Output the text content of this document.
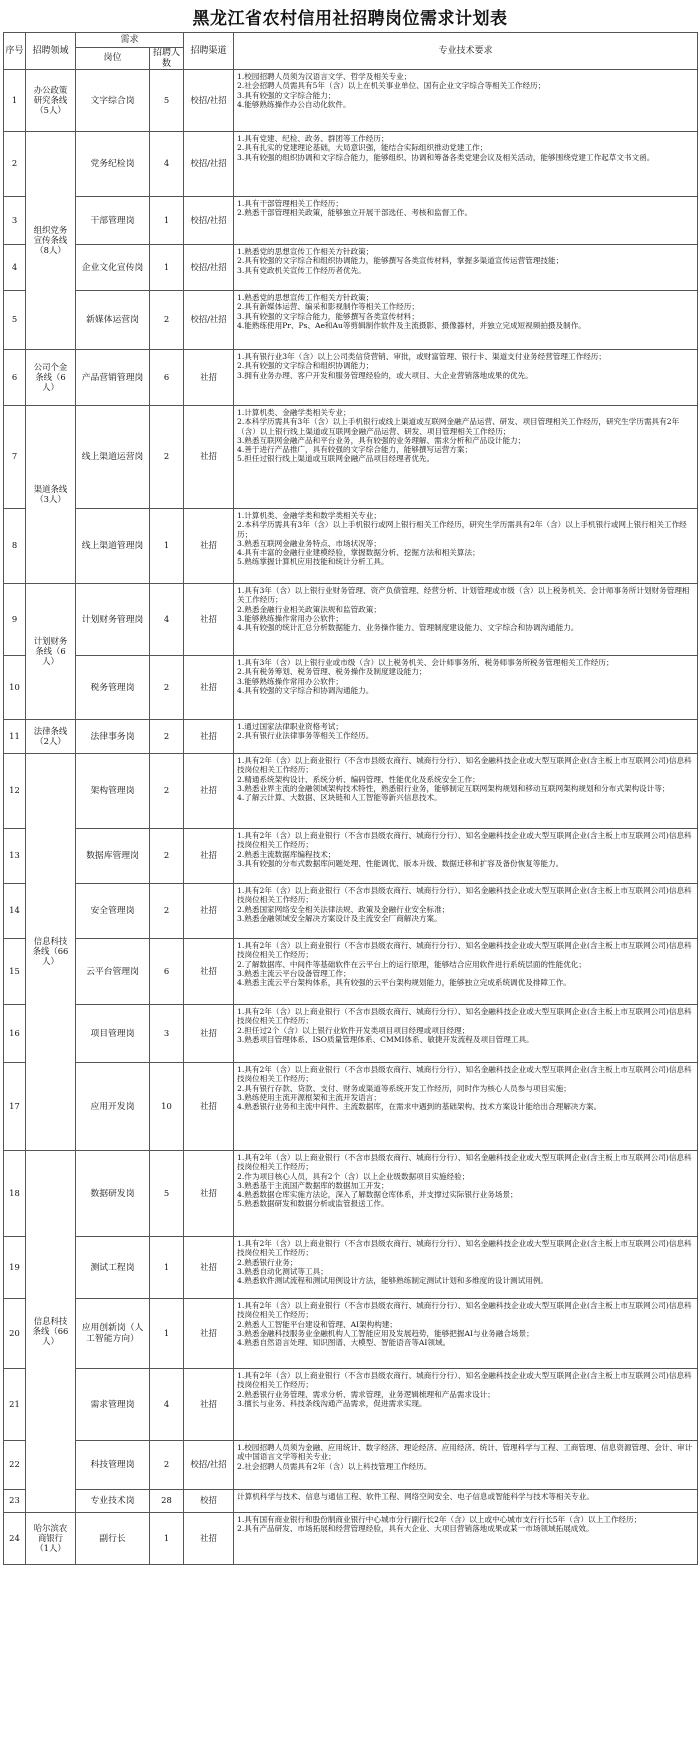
黑龙江省农村信用社招聘岗位需求计划表
序号	招聘领域	需求		招聘渠道	专业技术要求
		岗位	招聘人数		
1	办公政策研究条线（5人）	文字综合岗	5	校招/社招	1.校园招聘人员须为汉语言文学、哲学及相关专业；
2.社会招聘人员需具有5年（含）以上在机关事业单位、国有企业文字综合等相关工作经历；
3.具有较强的文字综合能力；
4.能够熟练操作办公自动化软件。

2	组织党务宣传条线（8人）	党务纪检岗	4	校招/社招	1.具有党建、纪检、政务、群团等工作经历；
2.具有扎实的党建理论基础，大局意识强，能结合实际组织推动党建工作；
3.具有较强的组织协调和文字综合能力，能够组织、协调和筹备各类党建会议及相关活动，能够围绕党建工作起草文书文函。

3		干部管理岗	1	校招/社招	1.具有干部管理相关工作经历；
2.熟悉干部管理相关政策，能够独立开展干部选任、考核和监督工作。

4		企业文化宣传岗	1	校招/社招	1.熟悉党的思想宣传工作相关方针政策；
2.具有较强的文字综合和组织协调能力，能够撰写各类宣传材料，掌握多渠道宣传运营管理技能；
3.具有党政机关宣传工作经历者优先。

5		新媒体运营岗	2	校招/社招	1.熟悉党的思想宣传工作相关方针政策；
2.具有新媒体运营、编采和影视制作等相关工作经历；
3.具有较强的文字综合能力，能够撰写各类宣传材料；
4.能熟练使用Pr、Ps、Ae和Au等剪辑制作软件及主流摄影、摄像器材，并独立完成短视频拍摄及制作。

6	公司个金条线（6人）	产品营销管理岗	6	社招	1.具有银行业3年（含）以上公司类信贷营销、审批，或财富管理、银行卡、渠道支付业务经营管理工作经历；
2.具有较强的文字综合和组织协调能力；
3.拥有业务办理、客户开发和服务管理经验的，或大项目、大企业营销落地成果的优先。

7	渠道条线（3人）	线上渠道运营岗	2	社招	1.计算机类、金融学类相关专业；
2.本科学历需具有3年（含）以上手机银行或线上渠道或互联网金融产品运营、研发、项目管理相关工作经历，研究生学历需具有2年（含）以上银行线上渠道或互联网金融产品运营、研发、项目管理相关工作经历；
3.熟悉互联网金融产品和平台业务，具有较强的业务理解、需求分析和产品设计能力；
4.善于进行产品推广，具有较强的文字综合能力，能够撰写运营方案；
5.担任过银行线上渠道或互联网金融产品项目经理者优先。

8		线上渠道管理岗	1	社招	1.计算机类、金融学类和数学类相关专业；
2.本科学历需具有3年（含）以上手机银行或网上银行相关工作经历，研究生学历需具有2年（含）以上手机银行或网上银行相关工作经历；
3.熟悉互联网金融业务特点、市场状况等；
4.具有丰富的金融行业建模经验，掌握数据分析、挖掘方法和相关算法；
5.熟练掌握计算机应用技能和统计分析工具。

9	计划财务条线（6人）	计划财务管理岗	4	社招	1.具有3年（含）以上银行业财务管理、资产负债管理、经营分析、计划管理或市级（含）以上税务机关、会计师事务所计划财务管理相关工作经历；
2.熟悉金融行业相关政策法规和监管政策；
3.能够熟练操作常用办公软件；
4.具有较强的统计汇总分析数据能力、业务操作能力、管理制度建设能力、文字综合和协调沟通能力。

10		税务管理岗	2	社招	1.具有3年（含）以上银行业或市级（含）以上税务机关、会计师事务所、税务师事务所税务管理相关工作经历；
2.具有税务筹划、税务管理、税务操作及制度建设能力；
3.能够熟练操作常用办公软件；
4.具有较强的文字综合和协调沟通能力。

11	法律条线（2人）	法律事务岗	2	社招	1.通过国家法律职业资格考试；
2.具有银行业法律事务等相关工作经历。

12	信息科技条线（66人）	架构管理岗	2	社招	1.具有2年（含）以上商业银行（不含市县级农商行、城商行分行）、知名金融科技企业或大型互联网企业(含主板上市互联网公司)信息科技岗位相关工作经历；
2.精通系统架构设计、系统分析、编码管理、性能优化及系统安全工作；
3.熟悉业界主流的金融领域架构技术特性，熟悉银行业务，能够制定互联网架构规划和移动互联网架构规划和分布式架构设计等；
4.了解云计算、大数据、区块链和人工智能等新兴信息技术。

13		数据库管理岗	2	社招	1.具有2年（含）以上商业银行（不含市县级农商行、城商行分行）、知名金融科技企业或大型互联网企业(含主板上市互联网公司)信息科技岗位相关工作经历；
2.熟悉主流数据库编程技术；
3.具有较强的分布式数据库问题处理、性能调优、版本升级、数据迁移和扩容及备份恢复等能力。

14		安全管理岗	2	社招	1.具有2年（含）以上商业银行（不含市县级农商行、城商行分行）、知名金融科技企业或大型互联网企业(含主板上市互联网公司)信息科技岗位相关工作经历；
2.熟悉国家网络安全相关法律法规、政策及金融行业安全标准；
3.熟悉金融领域安全解决方案设计及主流安全厂商解决方案。

15		云平台管理岗	6	社招	1.具有2年（含）以上商业银行（不含市县级农商行、城商行分行）、知名金融科技企业或大型互联网企业(含主板上市互联网公司)信息科技岗位相关工作经历；
2.了解数据库、中间件等基础软件在云平台上的运行原理，能够结合应用软件进行系统层面的性能优化；
3.熟悉主流云平台设备管理工作；
4.熟悉主流云平台架构体系，具有较强的云平台架构规划能力，能够独立完成系统调优及排障工作。

16		项目管理岗	3	社招	1.具有2年（含）以上商业银行（不含市县级农商行、城商行分行）、知名金融科技企业或大型互联网企业(含主板上市互联网公司)信息科技岗位相关工作经历；
2.担任过2个（含）以上银行业软件开发类项目项目经理或项目经理；
3.熟悉项目管理体系、ISO质量管理体系、CMMI体系、敏捷开发流程及项目管理工具。

17		应用开发岗	10	社招	1.具有2年（含）以上商业银行（不含市县级农商行、城商行分行）、知名金融科技企业或大型互联网企业(含主板上市互联网公司)信息科技岗位相关工作经历；
2.具有银行存款、贷款、支付、财务或渠道等系统开发工作经历，同时作为核心人员参与项目实施；
3.熟练使用主流开源框架和主流开发语言；
4.熟悉银行业务和主流中间件、主流数据库，在需求中遇到的基础架构、技术方案设计能给出合理解决方案。

18	信息科技条线（66人）	数据研发岗	5	社招	1.具有2年（含）以上商业银行（不含市县级农商行、城商行分行）、知名金融科技企业或大型互联网企业(含主板上市互联网公司)信息科技岗位相关工作经历；
2.作为项目核心人员，具有2个（含）以上企业级数据项目实施经验；
3.熟悉基于主流国产数据库的数据加工开发；
4.熟悉数据仓库实施方法论，深入了解数据仓库体系，并支撑过实际银行业务场景；
5.熟悉数据研发和数据分析或监管报送工作。

19		测试工程岗	1	社招	1.具有2年（含）以上商业银行（不含市县级农商行、城商行分行）、知名金融科技企业或大型互联网企业(含主板上市互联网公司)信息科技岗位相关工作经历；
2.熟悉银行业务；
3.熟悉自动化测试等工具；
4.熟悉软件测试流程和测试用例设计方法，能够熟练制定测试计划和多维度的设计测试用例。

20		应用创新岗（人工智能方向）	1	社招	1.具有2年（含）以上商业银行（不含市县级农商行、城商行分行）、知名金融科技企业或大型互联网企业(含主板上市互联网公司)信息科技岗位相关工作经历；
2.熟悉人工智能平台建设和管理、AI架构构建；
3.熟悉金融科技服务业金融机构人工智能应用及发展趋势，能够把握AI与业务融合场景；
4.熟悉自然语言处理、知识图谱、大模型、智能语音等AI领域。

21		需求管理岗	4	社招	1.具有2年（含）以上商业银行（不含市县级农商行、城商行分行）、知名金融科技企业或大型互联网企业(含主板上市互联网公司)信息科技岗位相关工作经历；
2.熟悉银行业务管理、需求分析、需求管理，业务逻辑梳理和产品需求设计；
3.擅长与业务、科技条线沟通产品需求，促进需求实现。

22		科技管理岗	2	校招/社招	1.校园招聘人员须为金融、应用统计、数字经济、理论经济、应用经济、统计、管理科学与工程、工商管理、信息资源管理、会计、审计或中国语言文学等相关专业；
2.社会招聘人员需具有2年（含）以上科技管理工作经历。

23		专业技术岗	28	校招	计算机科学与技术、信息与通信工程、软件工程、网络空间安全、电子信息或智能科学与技术等相关专业。

24	哈尔滨农商银行（1人）	副行长	1	社招	1.具有国有商业银行和股份制商业银行中心城市分行副行长2年（含）以上或中心城市支行行长5年（含）以上工作经历；
2.具有产品研发、市场拓展和经营管理经验，具有大企业、大项目营销落地成果或某一市场领域拓展成效。
